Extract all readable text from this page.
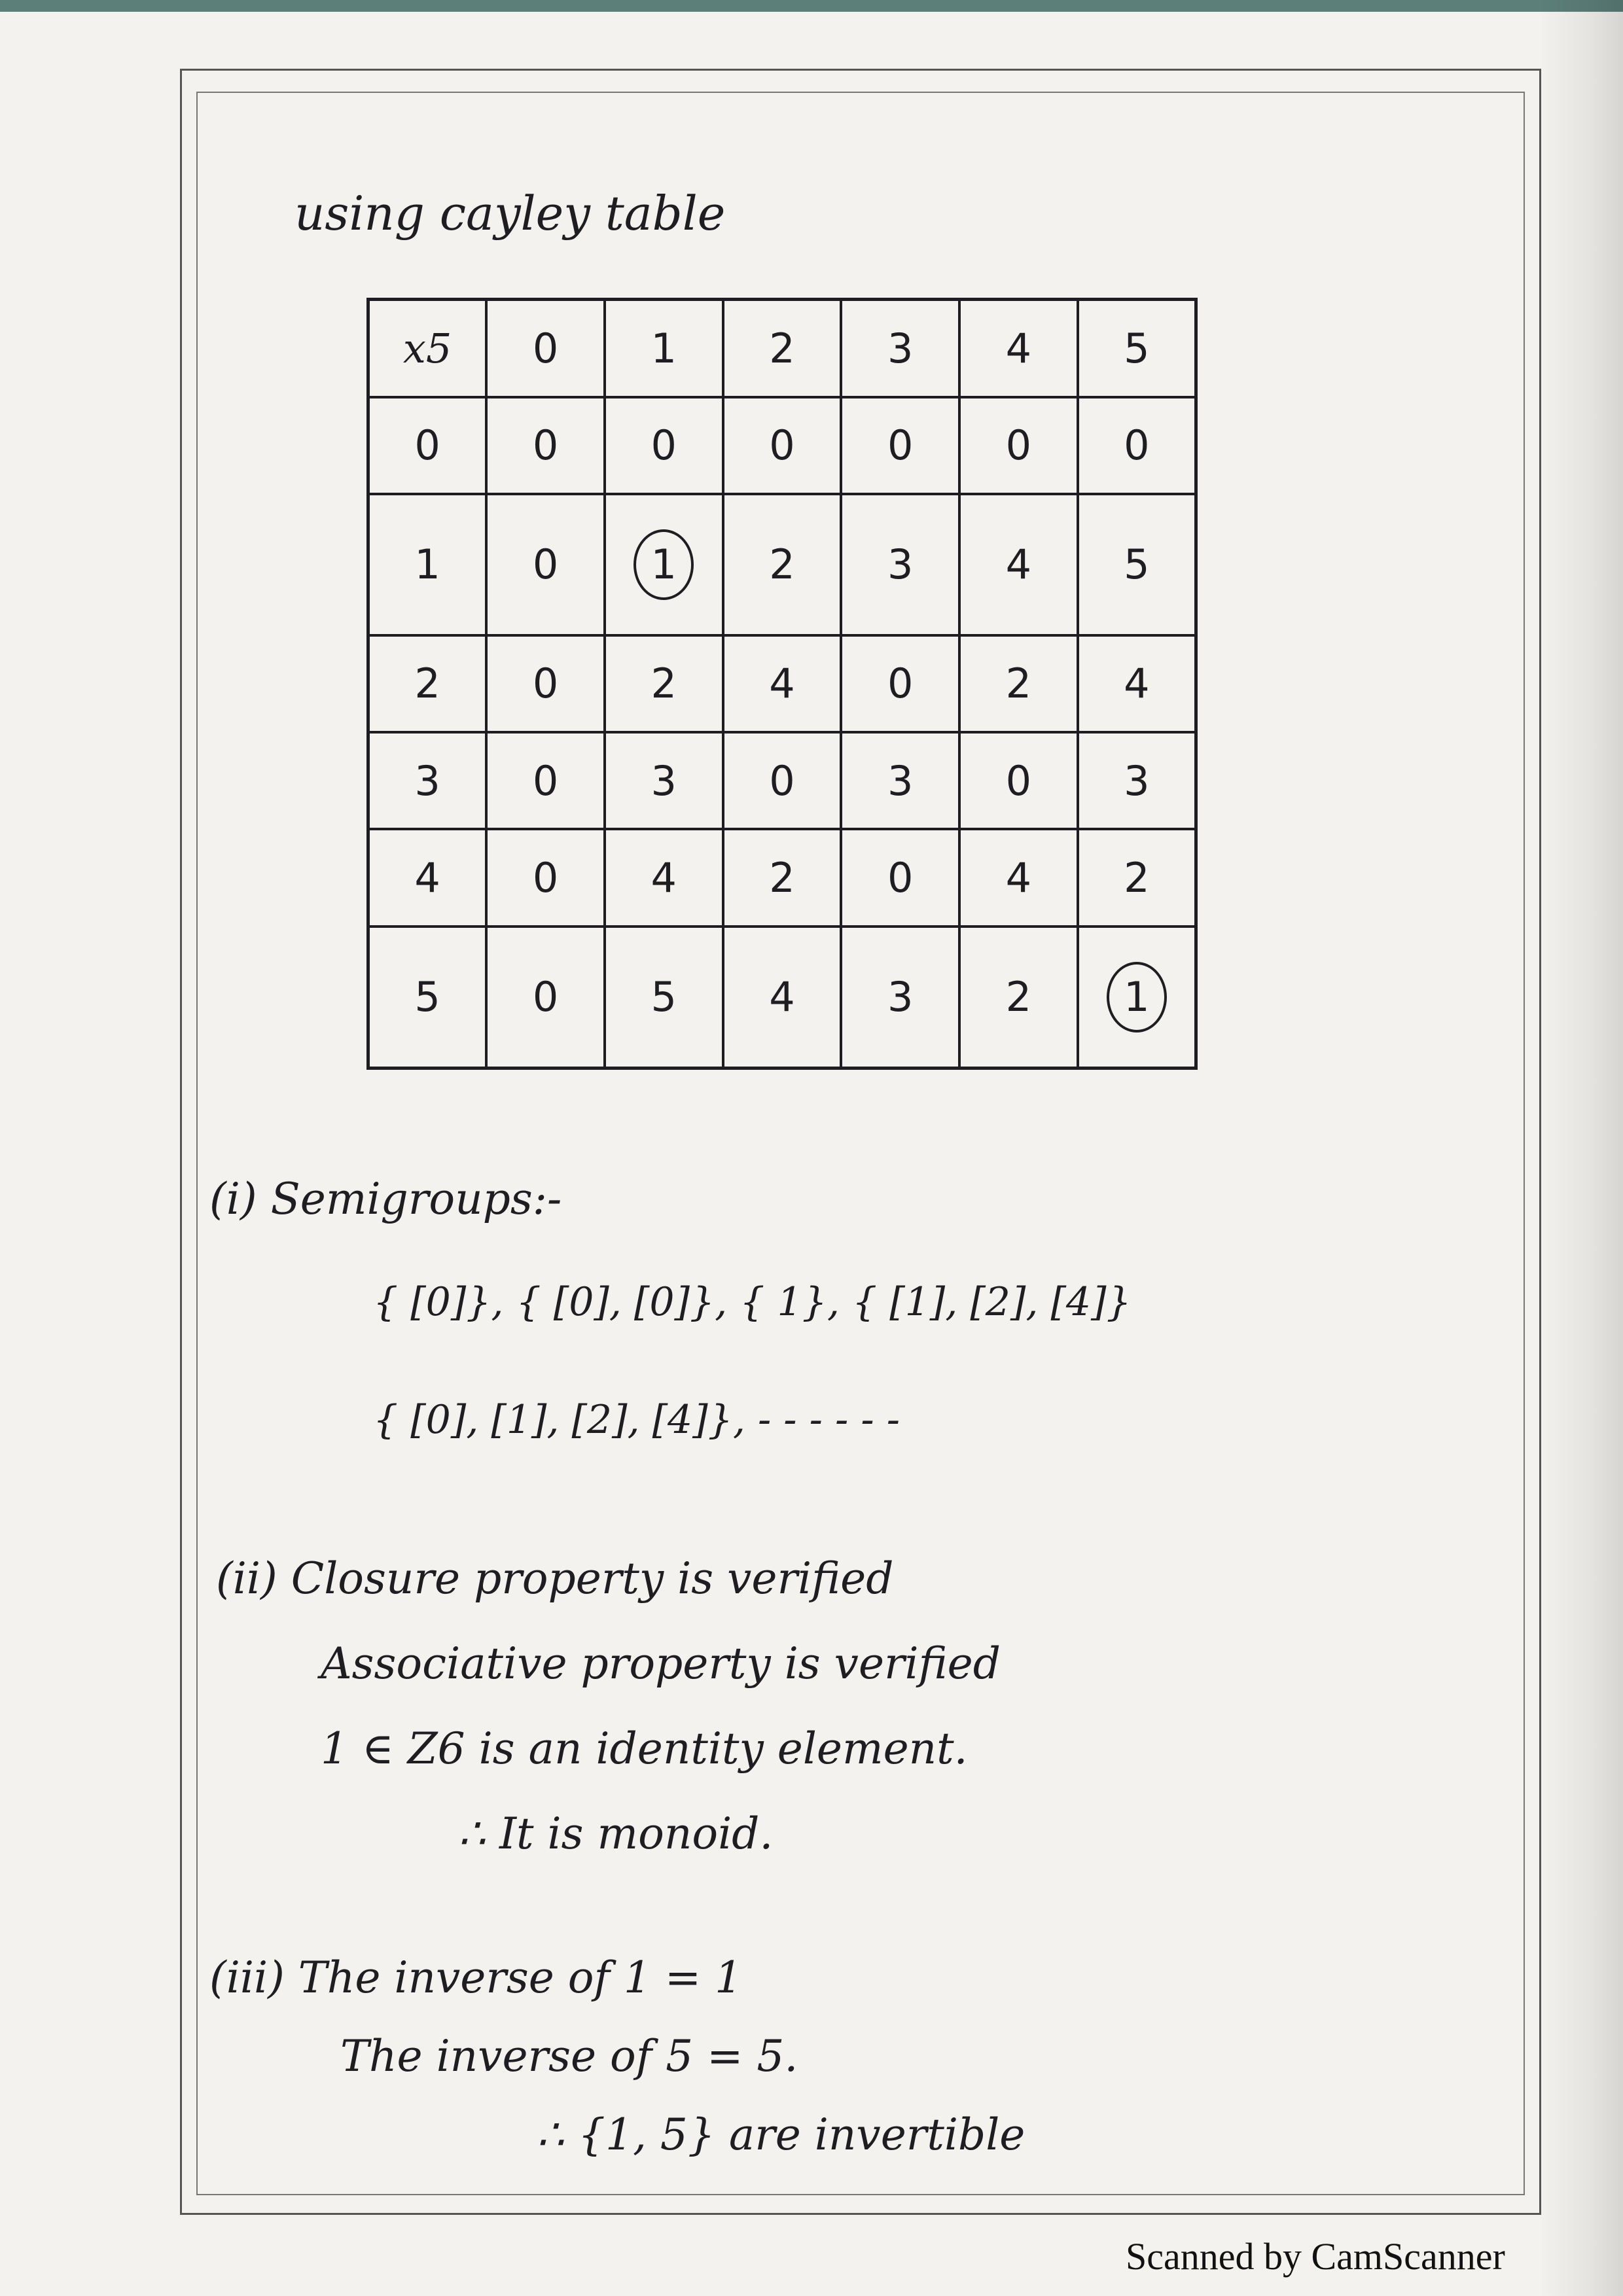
using cayley table
x5	0	1	2	3	4	5
0	0	0	0	0	0	0
1	0	1	2	3	4	5
2	0	2	4	0	2	4
3	0	3	0	3	0	3
4	0	4	2	0	4	2
5	0	5	4	3	2	1
(i) Semigroups:-
{ [0]}, { [0], [0]}, { 1}, { [1], [2], [4]}
{ [0], [1], [2], [4]}, - - - - - -
(ii) Closure property is verified
Associative property is verified
1 ∈ Z6 is an identity element.
∴ It is monoid.
(iii) The inverse of 1 = 1
The inverse of 5 = 5.
∴ {1, 5} are invertible
Scanned by CamScanner
